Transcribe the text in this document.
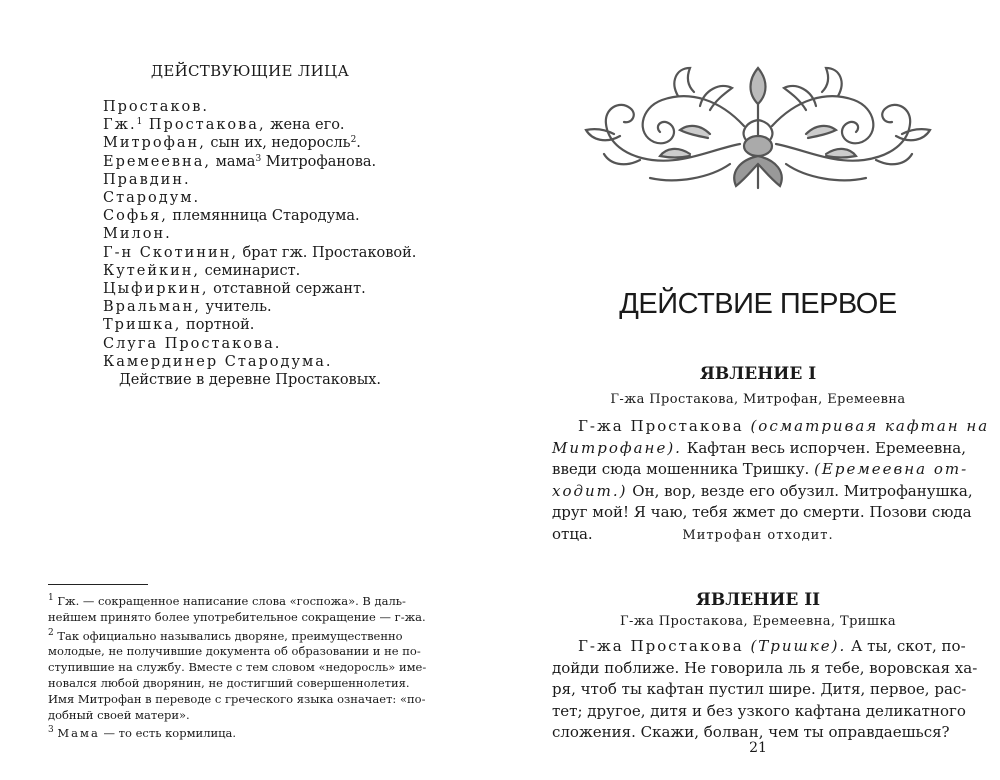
ДЕЙСТВУЮЩИЕ ЛИЦА
Простаков.
Гж.$^1$ Простакова, жена его.
Митрофан, сын их, недоросль$^2$.
Еремеевна, мама$^3$ Митрофанова.
Правдин.
Стародум.
Софья, племянница Стародума.
Милон.
Г-н Скотинин, брат гж. Простаковой.
Кутейкин, семинарист.
Цыфиркин, отставной сержант.
Вральман, учитель.
Тришка, портной.
Слуга Простакова.
Камердинер Стародума.
Действие в деревне Простаковых.

$^1$ Гж. — сокращенное написание слова «госпожа». В даль-
нейшем принято более употребительное сокращение — г-жа.

$^2$ Так официально назывались дворяне, преимущественно
молодые, не получившие документа об образовании и не по-
ступившие на службу. Вместе с тем словом «недоросль» име-
новался любой дворянин, не достигший совершеннолетия.
Имя Митрофан в переводе с греческого языка означает: «по-
добный своей матери».

$^3$ Мама — то есть кормилица.

ДЕЙСТВИЕ ПЕРВОЕ
ЯВЛЕНИЕ I
Г-жа Простакова, Митрофан, Еремеевна
Г-жа Простакова (осматривая кафтан на
Митрофане). Кафтан весь испорчен. Еремеевна,
введи сюда мошенника Тришку. (Еремеевна от-
ходит.) Он, вор, везде его обузил. Митрофанушка,
друг мой! Я чаю, тебя жмет до смерти. Позови сюда
отца.	Митрофан отходит.
ЯВЛЕНИЕ II
Г-жа Простакова, Еремеевна, Тришка
Г-жа Простакова (Тришке). А ты, скот, по-
дойди поближе. Не говорила ль я тебе, воровская ха-
ря, чтоб ты кафтан пустил шире. Дитя, первое, рас-
тет; другое, дитя и без узкого кафтана деликатного
сложения. Скажи, болван, чем ты оправдаешься?
21
